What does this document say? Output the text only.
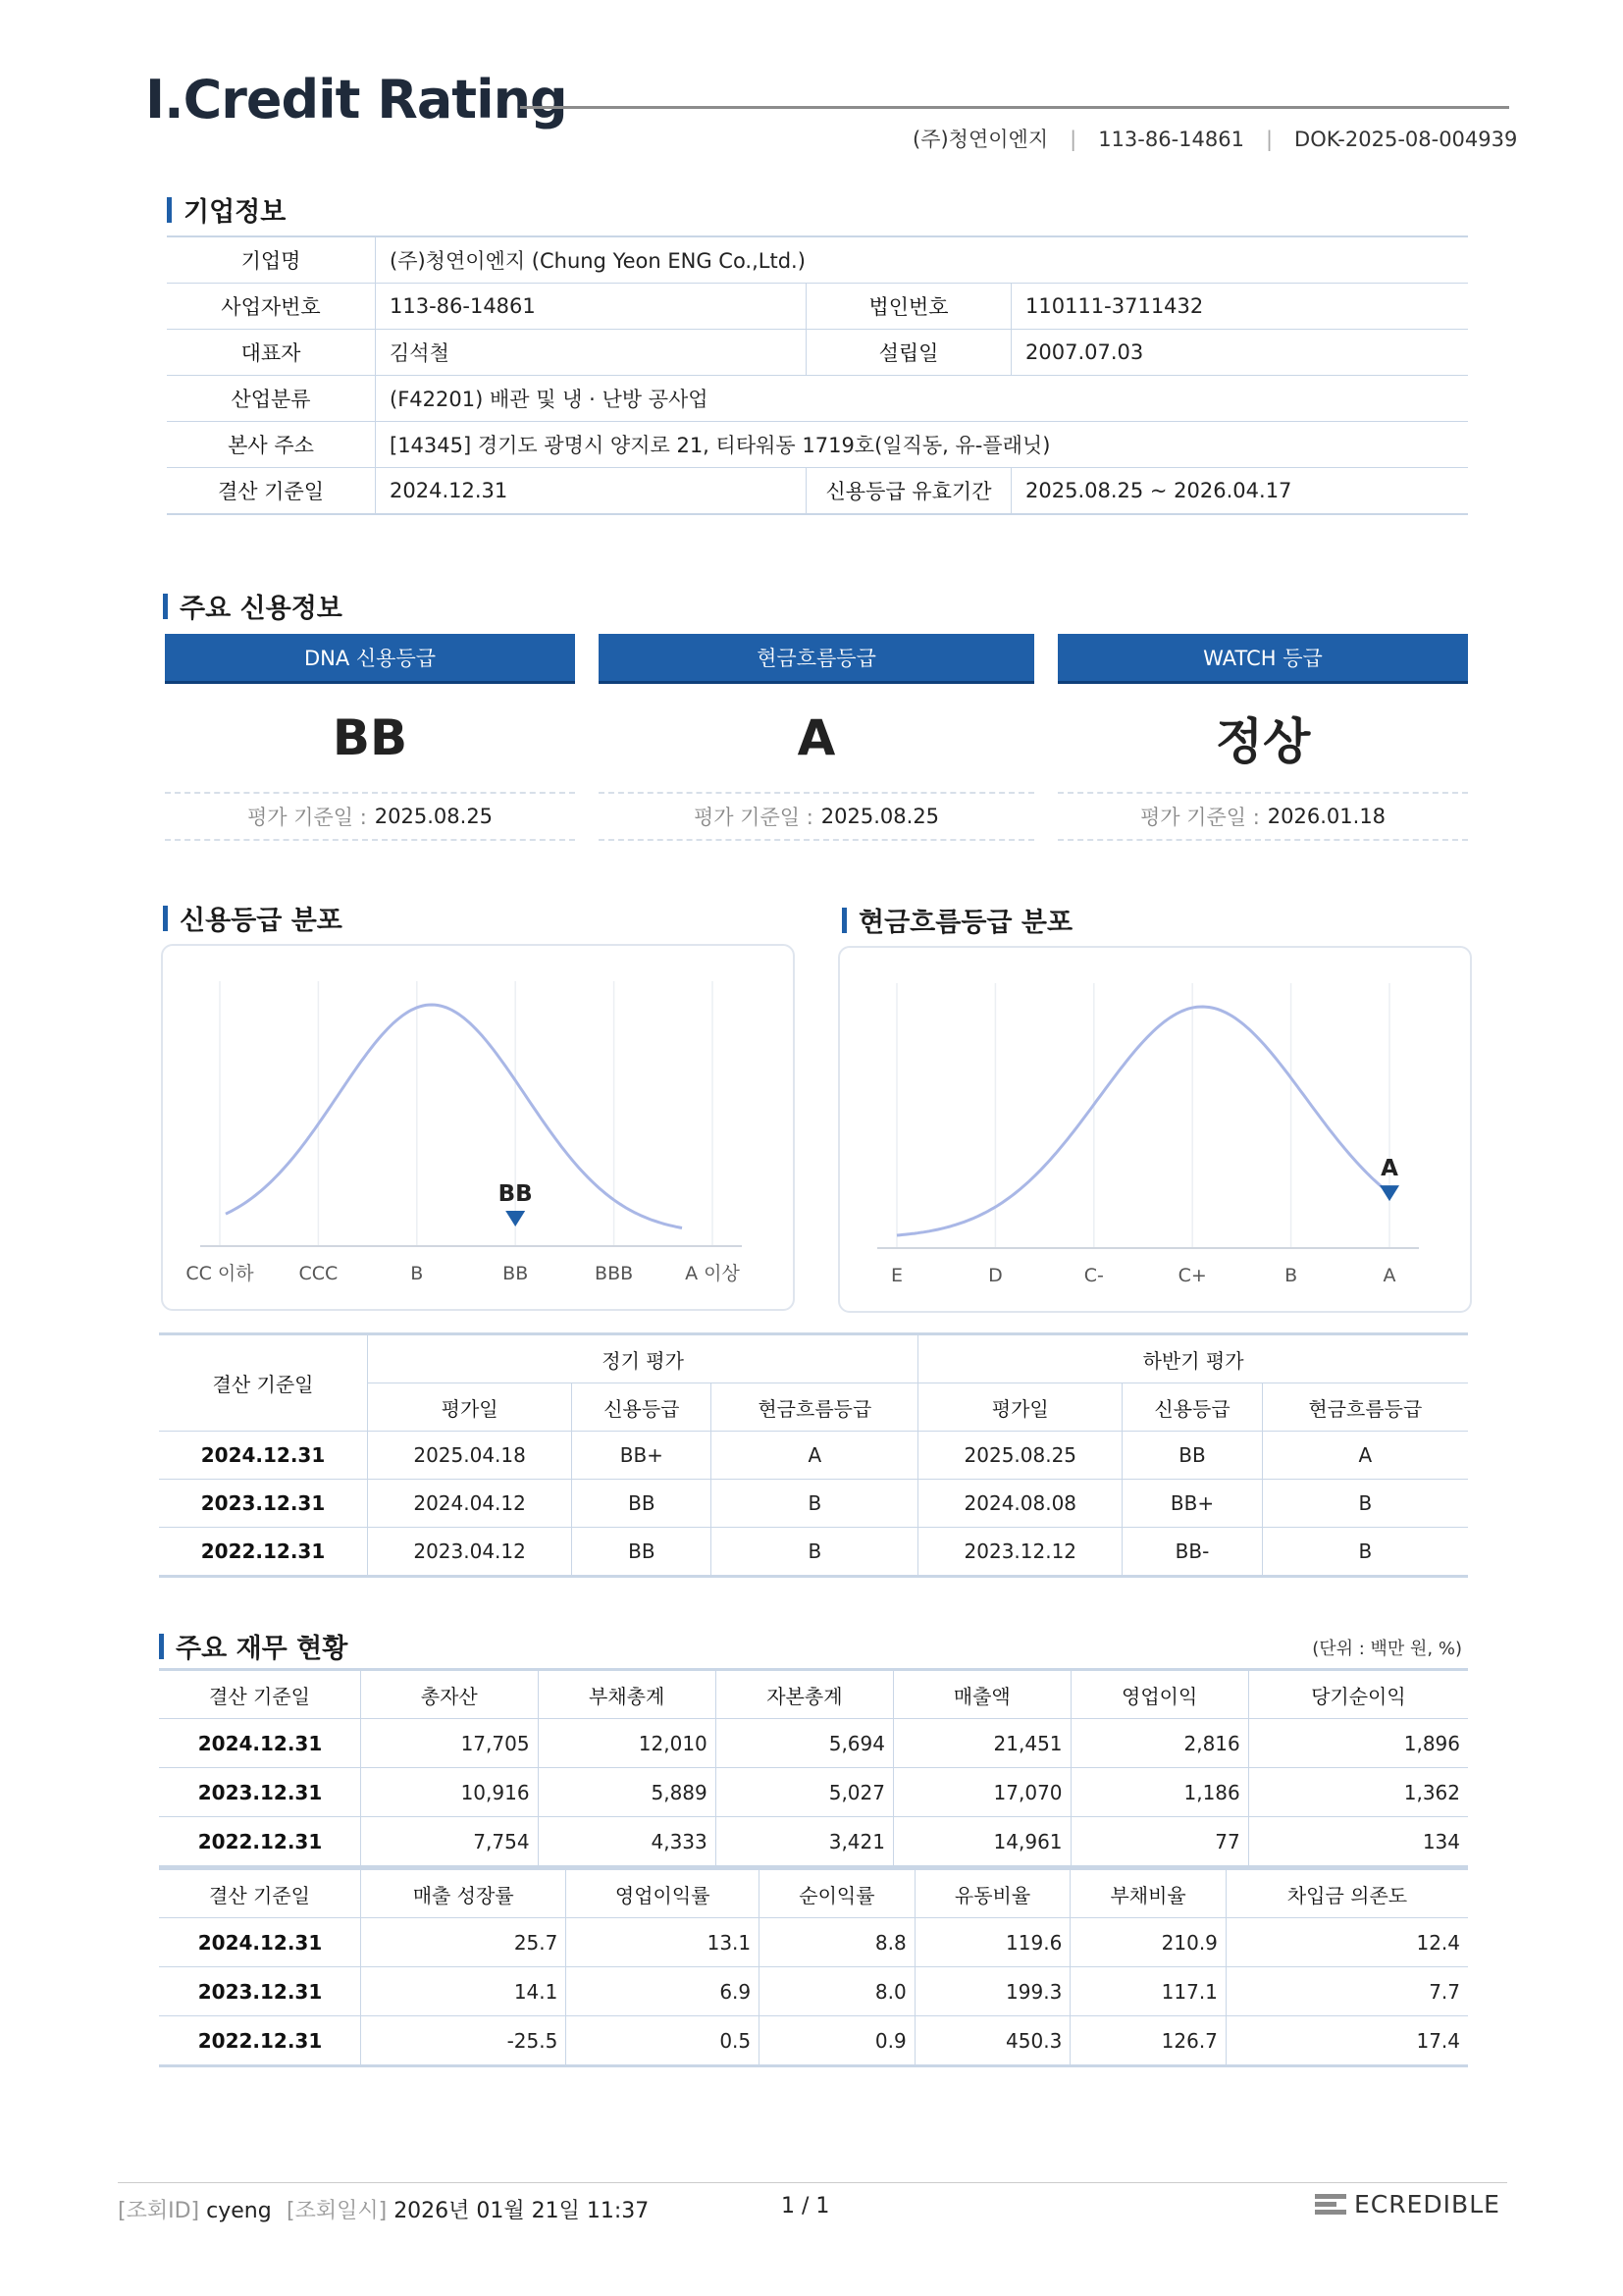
Ⅰ.Credit Rating
(주)청연이엔지 | 113-86-14861 | DOK-2025-08-004939
기업정보
기업명	(주)청연이엔지 (Chung Yeon ENG Co.,Ltd.)		
사업자번호	113-86-14861	법인번호	110111-3711432
대표자	김석철	설립일	2007.07.03
산업분류	(F42201) 배관 및 냉 · 난방 공사업		
본사 주소	[14345] 경기도 광명시 양지로 21, 티타워동 1719호(일직동, 유-플래닛)		
결산 기준일	2024.12.31	신용등급 유효기간	2025.08.25 ~ 2026.04.17
주요 신용정보
DNA 신용등급
BB
평가 기준일 : 2025.08.25
현금흐름등급
A
평가 기준일 : 2025.08.25
WATCH 등급
정상
평가 기준일 : 2026.01.18
신용등급 분포	현금흐름등급 분포
CC 이하 CCC	B	BB	BBB	A 이상
BB
E	D	C-	C+	B	A
A
결산 기준일	정기 평가			하반기 평가		
	평가일	신용등급	현금흐름등급	평가일	신용등급	현금흐름등급
2024.12.31	2025.04.18	BB+	A	2025.08.25	BB	A
2023.12.31	2024.04.12	BB	B	2024.08.08	BB+	B
2022.12.31	2023.04.12	BB	B	2023.12.12	BB-	B
주요 재무 현황	(단위 : 백만 원, %)
결산 기준일	총자산	부채총계	자본총계	매출액	영업이익	당기순이익
2024.12.31	17,705	12,010	5,694	21,451	2,816	1,896
2023.12.31	10,916	5,889	5,027	17,070	1,186	1,362
2022.12.31	7,754	4,333	3,421	14,961	77	134
결산 기준일	매출 성장률	영업이익률	순이익률	유동비율	부채비율	차입금 의존도
2024.12.31	25.7	13.1	8.8	119.6	210.9	12.4
2023.12.31	14.1	6.9	8.0	199.3	117.1	7.7
2022.12.31	-25.5	0.5	0.9	450.3	126.7	17.4
[조회ID] cyeng [조회일시] 2026년 01월 21일 11:37	1 / 1	ECREDIBLE
